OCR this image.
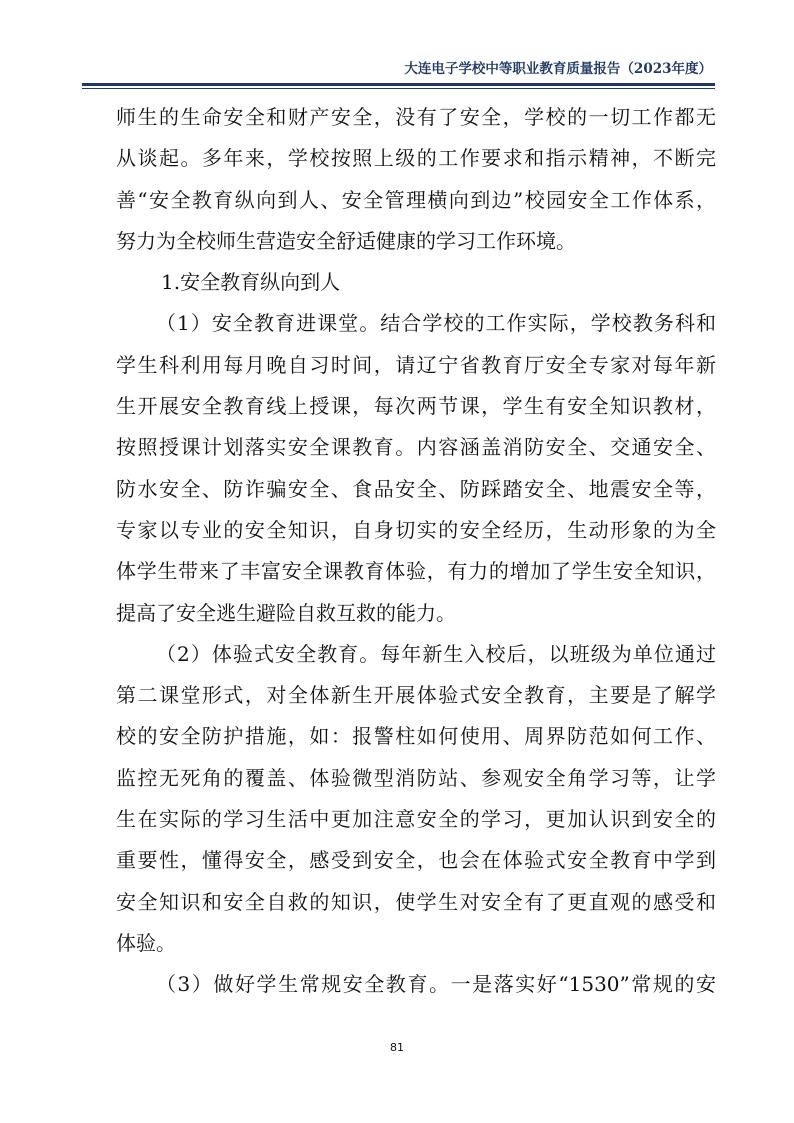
大连电子学校中等职业教育质量报告（2023年度）
师生的生命安全和财产安全，没有了安全，学校的一切工作都无
从谈起。多年来，学校按照上级的工作要求和指示精神，不断完
善“安全教育纵向到人、安全管理横向到边”校园安全工作体系，
努力为全校师生营造安全舒适健康的学习工作环境。
1.安全教育纵向到人
（1）安全教育进课堂。结合学校的工作实际，学校教务科和
学生科利用每月晚自习时间，请辽宁省教育厅安全专家对每年新
生开展安全教育线上授课，每次两节课，学生有安全知识教材，
按照授课计划落实安全课教育。内容涵盖消防安全、交通安全、
防水安全、防诈骗安全、食品安全、防踩踏安全、地震安全等，
专家以专业的安全知识，自身切实的安全经历，生动形象的为全
体学生带来了丰富安全课教育体验，有力的增加了学生安全知识，
提高了安全逃生避险自救互救的能力。
（2）体验式安全教育。每年新生入校后，以班级为单位通过
第二课堂形式，对全体新生开展体验式安全教育，主要是了解学
校的安全防护措施，如：报警柱如何使用、周界防范如何工作、
监控无死角的覆盖、体验微型消防站、参观安全角学习等，让学
生在实际的学习生活中更加注意安全的学习，更加认识到安全的
重要性，懂得安全，感受到安全，也会在体验式安全教育中学到
安全知识和安全自救的知识，使学生对安全有了更直观的感受和
体验。
（3）做好学生常规安全教育。一是落实好“1530”常规的安
81
